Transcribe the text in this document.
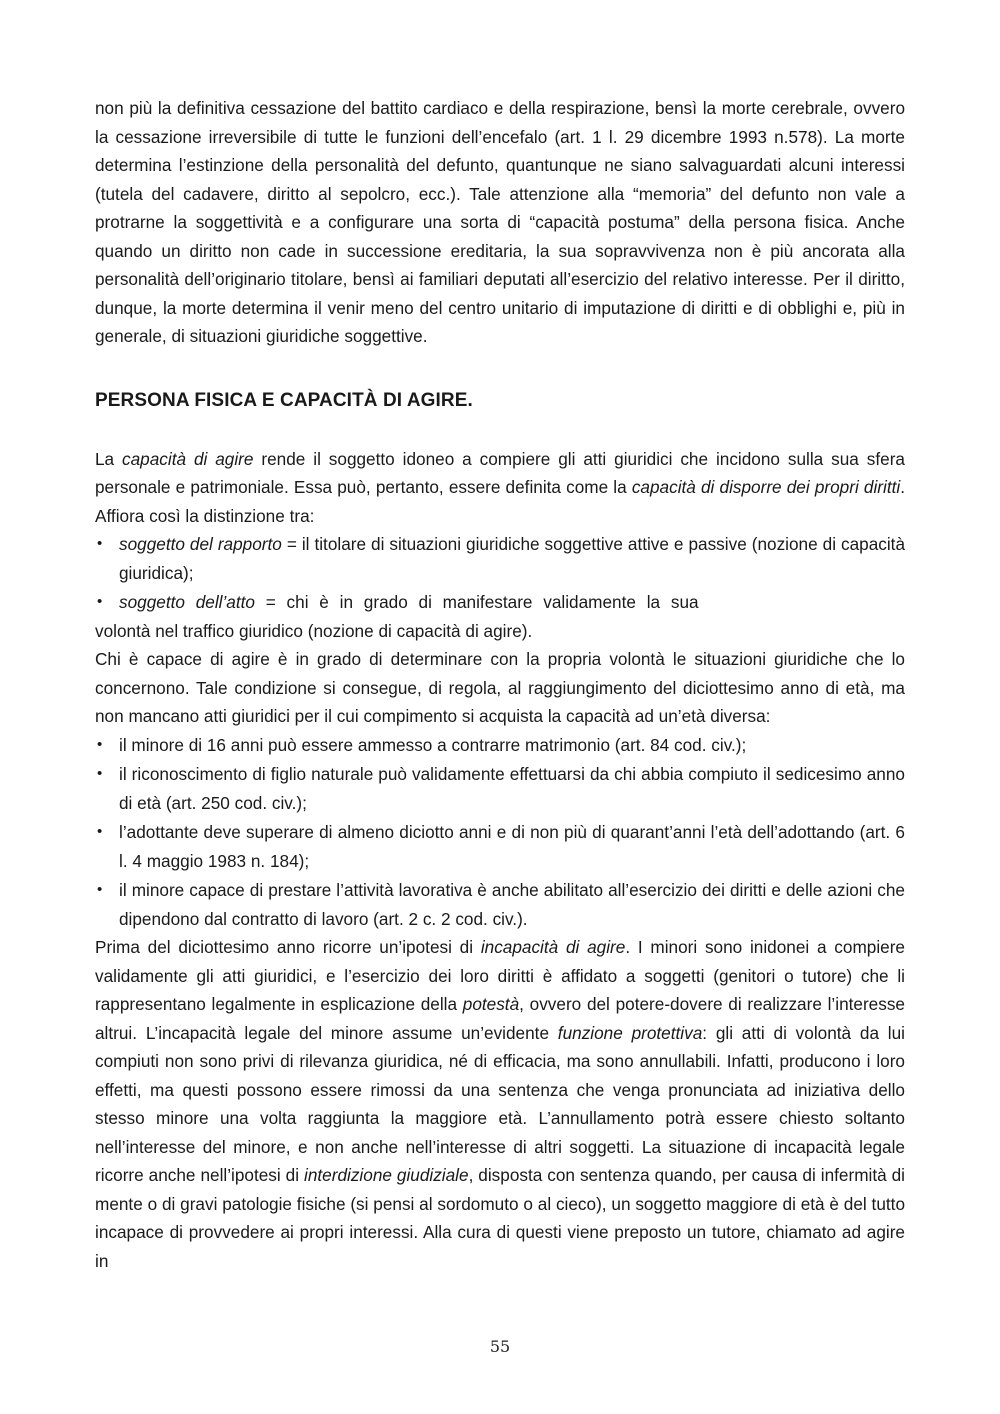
non più la definitiva cessazione del battito cardiaco e della respirazione, bensì la morte cerebrale, ovvero la cessazione irreversibile di tutte le funzioni dell’encefalo (art. 1 l. 29 dicembre 1993 n.578). La morte determina l’estinzione della personalità del defunto, quantunque ne siano salvaguardati alcuni interessi (tutela del cadavere, diritto al sepolcro, ecc.). Tale attenzione alla “memoria” del defunto non vale a protrarne la soggettività e a configurare una sorta di “capacità postuma” della persona fisica. Anche quando un diritto non cade in successione ereditaria, la sua sopravvivenza non è più ancorata alla personalità dell’originario titolare, bensì ai familiari deputati all’esercizio del relativo interesse. Per il diritto, dunque, la morte determina il venir meno del centro unitario di imputazione di diritti e di obblighi e, più in generale, di situazioni giuridiche soggettive.

PERSONA FISICA E CAPACITÀ DI AGIRE.

La capacità di agire rende il soggetto idoneo a compiere gli atti giuridici che incidono sulla sua sfera personale e patrimoniale. Essa può, pertanto, essere definita come la capacità di disporre dei propri diritti. Affiora così la distinzione tra:

• soggetto del rapporto = il titolare di situazioni giuridiche soggettive attive e passive (nozione di capacità giuridica);
• soggetto dell’atto = chi è in grado di manifestare validamente la sua

volontà nel traffico giuridico (nozione di capacità di agire).

Chi è capace di agire è in grado di determinare con la propria volontà le situazioni giuridiche che lo concernono. Tale condizione si consegue, di regola, al raggiungimento del diciottesimo anno di età, ma non mancano atti giuridici per il cui compimento si acquista la capacità ad un’età diversa:

• il minore di 16 anni può essere ammesso a contrarre matrimonio (art. 84 cod. civ.);
• il riconoscimento di figlio naturale può validamente effettuarsi da chi abbia compiuto il sedicesimo anno di età (art. 250 cod. civ.);
• l’adottante deve superare di almeno diciotto anni e di non più di quarant’anni l’età dell’adottando (art. 6 l. 4 maggio 1983 n. 184);
• il minore capace di prestare l’attività lavorativa è anche abilitato all’esercizio dei diritti e delle azioni che dipendono dal contratto di lavoro (art. 2 c. 2 cod. civ.).

Prima del diciottesimo anno ricorre un’ipotesi di incapacità di agire. I minori sono inidonei a compiere validamente gli atti giuridici, e l’esercizio dei loro diritti è affidato a soggetti (genitori o tutore) che li rappresentano legalmente in esplicazione della potestà, ovvero del potere-dovere di realizzare l’interesse altrui. L’incapacità legale del minore assume un’evidente funzione protettiva: gli atti di volontà da lui compiuti non sono privi di rilevanza giuridica, né di efficacia, ma sono annullabili. Infatti, producono i loro effetti, ma questi possono essere rimossi da una sentenza che venga pronunciata ad iniziativa dello stesso minore una volta raggiunta la maggiore età. L’annullamento potrà essere chiesto soltanto nell’interesse del minore, e non anche nell’interesse di altri soggetti. La situazione di incapacità legale ricorre anche nell’ipotesi di interdizione giudiziale, disposta con sentenza quando, per causa di infermità di mente o di gravi patologie fisiche (si pensi al sordomuto o al cieco), un soggetto maggiore di età è del tutto incapace di provvedere ai propri interessi. Alla cura di questi viene preposto un tutore, chiamato ad agire in

55
